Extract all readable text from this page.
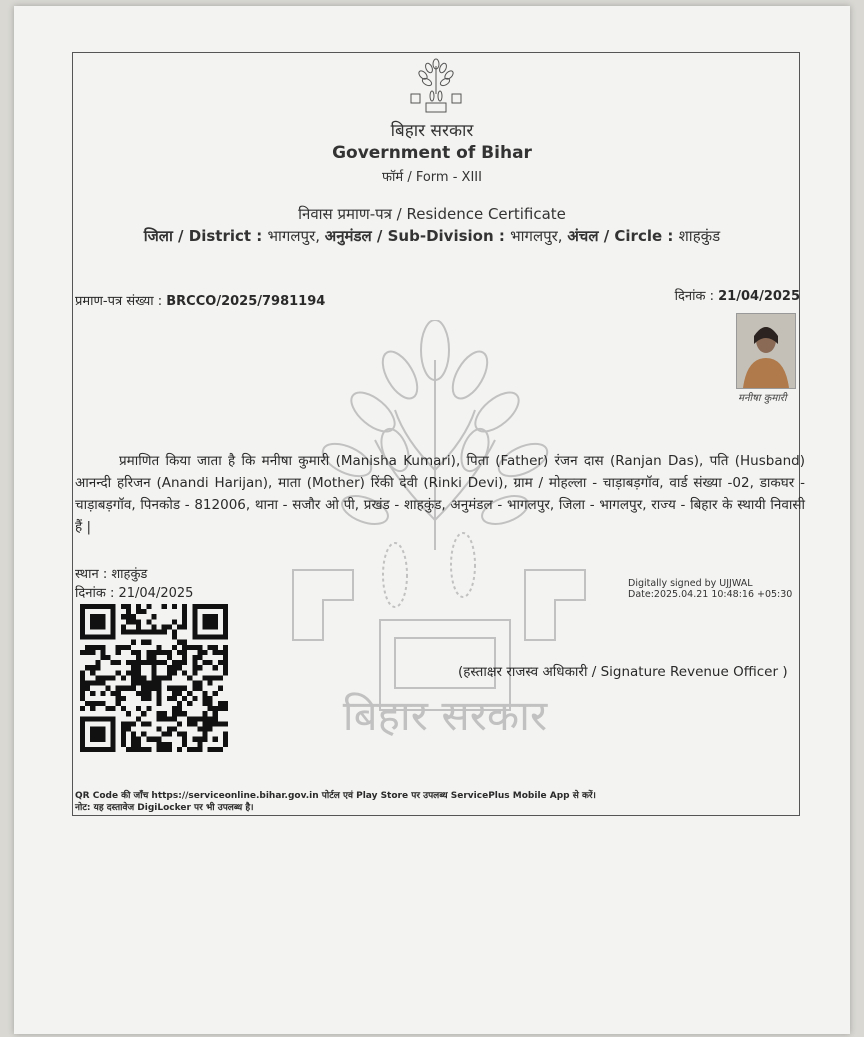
बिहार सरकार
Government of Bihar
फॉर्म / Form - XIII
निवास प्रमाण-पत्र / Residence Certificate
जिला / District : भागलपुर, अनुमंडल / Sub-Division : भागलपुर, अंचल / Circle : शाहकुंड
प्रमाण-पत्र संख्या : BRCCO/2025/7981194	दिनांक : 21/04/2025
बिहार सरकार
मनीषा कुमारी
प्रमाणित किया जाता है कि मनीषा कुमारी (Manisha Kumari), पिता (Father) रंजन दास (Ranjan Das), पति (Husband) आनन्दी हरिजन (Anandi Harijan), माता (Mother) रिंकी देवी (Rinki Devi), ग्राम / मोहल्ला - चाड़ाबड़गॉव, वार्ड संख्या -02, डाकघर - चाड़ाबड़गॉव, पिनकोड - 812006, थाना - सजौर ओ पी, प्रखंड - शाहकुंड, अनुमंडल - भागलपुर, जिला - भागलपुर, राज्य - बिहार के स्थायी निवासी हैं |
स्थान : शाहकुंड
दिनांक : 21/04/2025
Digitally signed by UJJWAL
Date:2025.04.21 10:48:16 +05:30
(हस्ताक्षर राजस्व अधिकारी / Signature Revenue Officer )
QR Code की जाँच https://serviceonline.bihar.gov.in पोर्टल एवं Play Store पर उपलब्ध ServicePlus Mobile App से करें।
नोट: यह दस्तावेज DigiLocker पर भी उपलब्ध है।
